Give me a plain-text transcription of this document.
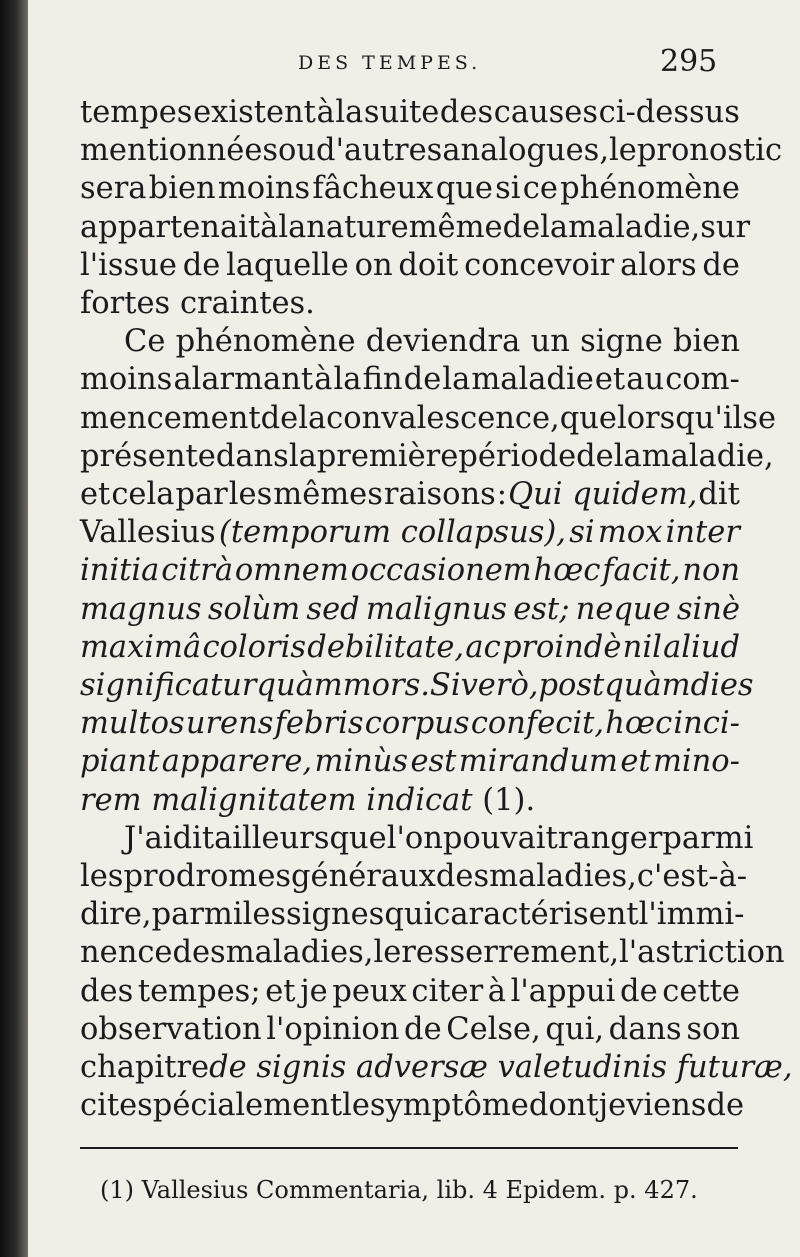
DES TEMPES.	295
tempes existent à la suite des causes ci-dessus
mentionnées ou d'autres analogues, le pronostic
sera bien moins fâcheux que si ce phénomène
appartenait à la nature même de la maladie, sur
l'issue de laquelle on doit concevoir alors de
fortes craintes.
Ce phénomène deviendra un signe bien
moins alarmant à la fin de la maladie et au com-
mencement de la convalescence, que lorsqu'il se
présente dans la première période de la maladie,
et cela par les mêmes raisons : Qui quidem, dit
Vallesius (temporum collapsus), si mox inter
initia citrà omnem occasionem hœc facit, non
magnus solùm sed malignus est; neque sinè
maximâ coloris debilitate, ac proindè nil aliud
significatur quàm mors. Si verò, postquàm dies
multos urens febris corpus confecit, hœc inci-
piant apparere, minùs est mirandum et mino-
rem malignitatem indicat (1).
J'ai dit ailleurs que l'on pouvait ranger parmi
les prodromes généraux des maladies, c'est-à-
dire, parmi les signes qui caractérisent l'immi-
nence des maladies, le resserrement, l'astriction
des tempes; et je peux citer à l'appui de cette
observation l'opinion de Celse, qui, dans son
chapitre de signis adversæ valetudinis futuræ,
cite spécialement le symptôme dont je viens de
(1) Vallesius Commentaria, lib. 4 Epidem. p. 427.
